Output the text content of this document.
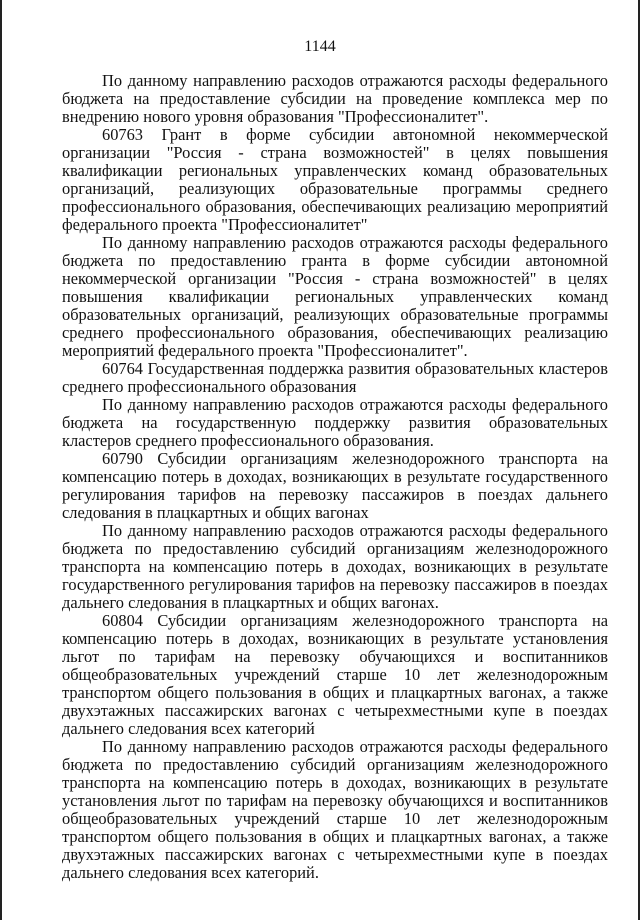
1144

По данному направлению расходов отражаются расходы федерального бюджета на предоставление субсидии на проведение комплекса мер по внедрению нового уровня образования "Профессионалитет".

60763 Грант в форме субсидии автономной некоммерческой организации "Россия - страна возможностей" в целях повышения квалификации региональных управленческих команд образовательных организаций, реализующих образовательные программы среднего профессионального образования, обеспечивающих реализацию мероприятий федерального проекта "Профессионалитет"

По данному направлению расходов отражаются расходы федерального бюджета по предоставлению гранта в форме субсидии автономной некоммерческой организации "Россия - страна возможностей" в целях повышения квалификации региональных управленческих команд образовательных организаций, реализующих образовательные программы среднего профессионального образования, обеспечивающих реализацию мероприятий федерального проекта "Профессионалитет".

60764 Государственная поддержка развития образовательных кластеров среднего профессионального образования

По данному направлению расходов отражаются расходы федерального бюджета на государственную поддержку развития образовательных кластеров среднего профессионального образования.

60790 Субсидии организациям железнодорожного транспорта на компенсацию потерь в доходах, возникающих в результате государственного регулирования тарифов на перевозку пассажиров в поездах дальнего следования в плацкартных и общих вагонах

По данному направлению расходов отражаются расходы федерального бюджета по предоставлению субсидий организациям железнодорожного транспорта на компенсацию потерь в доходах, возникающих в результате государственного регулирования тарифов на перевозку пассажиров в поездах дальнего следования в плацкартных и общих вагонах.

60804 Субсидии организациям железнодорожного транспорта на компенсацию потерь в доходах, возникающих в результате установления льгот по тарифам на перевозку обучающихся и воспитанников общеобразовательных учреждений старше 10 лет железнодорожным транспортом общего пользования в общих и плацкартных вагонах, а также двухэтажных пассажирских вагонах с четырехместными купе в поездах дальнего следования всех категорий

По данному направлению расходов отражаются расходы федерального бюджета по предоставлению субсидий организациям железнодорожного транспорта на компенсацию потерь в доходах, возникающих в результате установления льгот по тарифам на перевозку обучающихся и воспитанников общеобразовательных учреждений старше 10 лет железнодорожным транспортом общего пользования в общих и плацкартных вагонах, а также двухэтажных пассажирских вагонах с четырехместными купе в поездах дальнего следования всех категорий.
